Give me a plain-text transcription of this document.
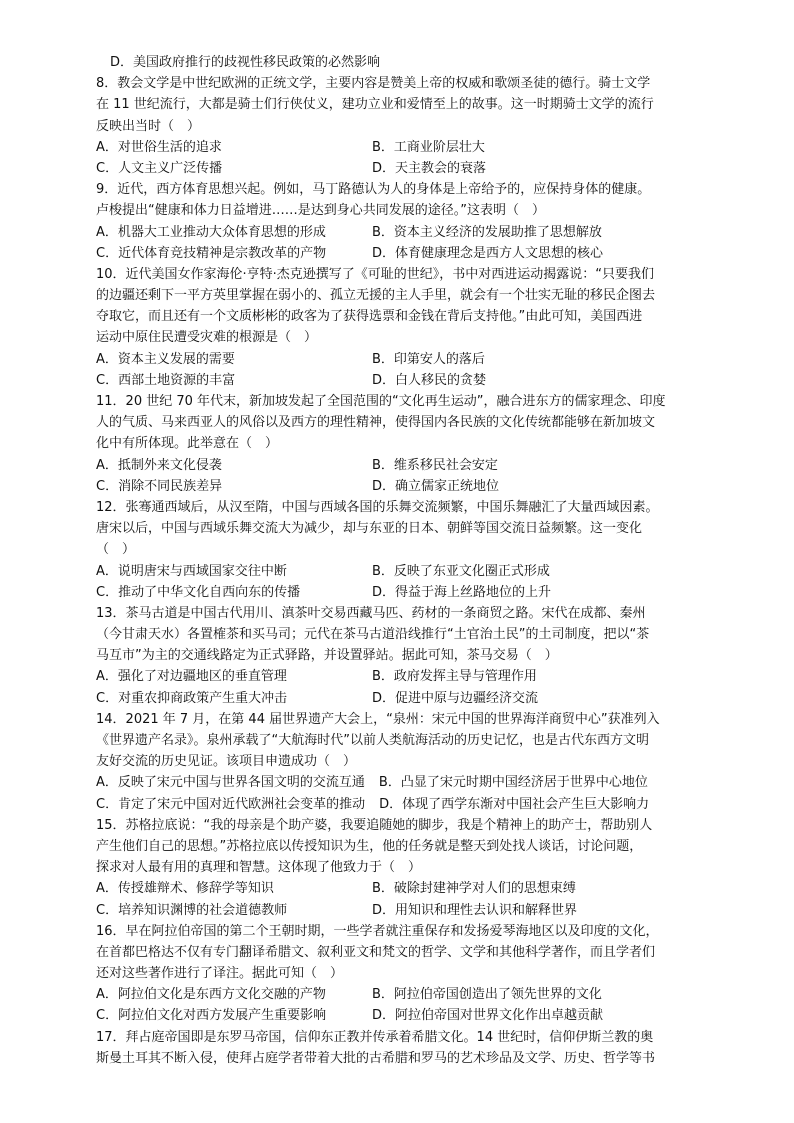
D．美国政府推行的歧视性移民政策的必然影响
8．教会文学是中世纪欧洲的正统文学，主要内容是赞美上帝的权威和歌颂圣徒的德行。骑士文学
在 11 世纪流行，大都是骑士们行侠仗义，建功立业和爱情至上的故事。这一时期骑士文学的流行
反映出当时（　）
A．对世俗生活的追求	B．工商业阶层壮大
C．人文主义广泛传播	D．天主教会的衰落
9．近代，西方体育思想兴起。例如，马丁路德认为人的身体是上帝给予的，应保持身体的健康。
卢梭提出“健康和体力日益增进……是达到身心共同发展的途径。”这表明（　）
A．机器大工业推动大众体育思想的形成	B．资本主义经济的发展助推了思想解放
C．近代体育竞技精神是宗教改革的产物	D．体育健康理念是西方人文思想的核心
10．近代美国女作家海伦·亨特·杰克逊撰写了《可耻的世纪》，书中对西进运动揭露说：“只要我们
的边疆还剩下一平方英里掌握在弱小的、孤立无援的主人手里，就会有一个壮实无耻的移民企图去
夺取它，而且还有一个文质彬彬的政客为了获得选票和金钱在背后支持他。”由此可知，美国西进
运动中原住民遭受灾难的根源是（　）
A．资本主义发展的需要	B．印第安人的落后
C．西部土地资源的丰富	D．白人移民的贪婪
11．20 世纪 70 年代末，新加坡发起了全国范围的“文化再生运动”，融合进东方的儒家理念、印度
人的气质、马来西亚人的风俗以及西方的理性精神，使得国内各民族的文化传统都能够在新加坡文
化中有所体现。此举意在（　）
A．抵制外来文化侵袭	B．维系移民社会安定
C．消除不同民族差异	D．确立儒家正统地位
12．张骞通西域后，从汉至隋，中国与西域各国的乐舞交流频繁，中国乐舞融汇了大量西域因素。
唐宋以后，中国与西域乐舞交流大为减少，却与东亚的日本、朝鲜等国交流日益频繁。这一变化
（　）
A．说明唐宋与西域国家交往中断	B．反映了东亚文化圈正式形成
C．推动了中华文化自西向东的传播	D．得益于海上丝路地位的上升
13．茶马古道是中国古代用川、滇茶叶交易西藏马匹、药材的一条商贸之路。宋代在成都、秦州
（今甘肃天水）各置榷茶和买马司；元代在茶马古道沿线推行“土官治土民”的土司制度，把以“茶
马互市”为主的交通线路定为正式驿路，并设置驿站。据此可知，茶马交易（　）
A．强化了对边疆地区的垂直管理	B．政府发挥主导与管理作用
C．对重农抑商政策产生重大冲击	D．促进中原与边疆经济交流
14．2021 年 7 月，在第 44 届世界遗产大会上，“泉州：宋元中国的世界海洋商贸中心”获准列入
《世界遗产名录》。泉州承载了“大航海时代”以前人类航海活动的历史记忆，也是古代东西方文明
友好交流的历史见证。该项目申遗成功（　）
A．反映了宋元中国与世界各国文明的交流互通 B．凸显了宋元时期中国经济居于世界中心地位
C．肯定了宋元中国对近代欧洲社会变革的推动 D．体现了西学东渐对中国社会产生巨大影响力
15．苏格拉底说：“我的母亲是个助产婆，我要追随她的脚步，我是个精神上的助产士，帮助别人
产生他们自己的思想。”苏格拉底以传授知识为生，他的任务就是整天到处找人谈话，讨论问题，
探求对人最有用的真理和智慧。这体现了他致力于（　）
A．传授雄辩术、修辞学等知识	B．破除封建神学对人们的思想束缚
C．培养知识渊博的社会道德教师	D．用知识和理性去认识和解释世界
16．早在阿拉伯帝国的第二个王朝时期，一些学者就注重保存和发扬爱琴海地区以及印度的文化，
在首都巴格达不仅有专门翻译希腊文、叙利亚文和梵文的哲学、文学和其他科学著作，而且学者们
还对这些著作进行了译注。据此可知（　）
A．阿拉伯文化是东西方文化交融的产物	B．阿拉伯帝国创造出了领先世界的文化
C．阿拉伯文化对西方发展产生重要影响	D．阿拉伯帝国对世界文化作出卓越贡献
17．拜占庭帝国即是东罗马帝国，信仰东正教并传承着希腊文化。14 世纪时，信仰伊斯兰教的奥
斯曼土耳其不断入侵，使拜占庭学者带着大批的古希腊和罗马的艺术珍品及文学、历史、哲学等书
